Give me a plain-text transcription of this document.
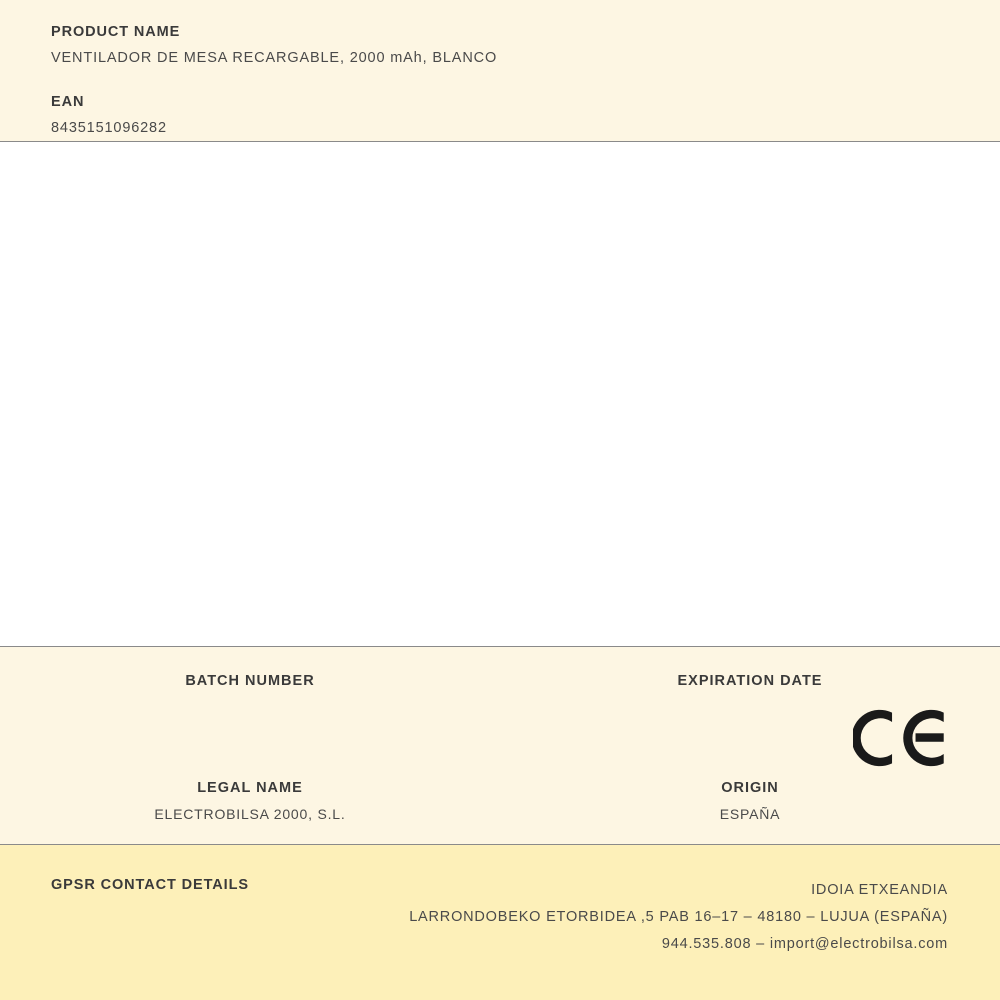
PRODUCT NAME
VENTILADOR DE MESA RECARGABLE, 2000 mAh, BLANCO
EAN
8435151096282
BATCH NUMBER	EXPIRATION DATE
LEGAL NAME
ELECTROBILSA 2000, S.L.
ORIGIN
ESPAÑA
GPSR CONTACT DETAILS	IDOIA ETXEANDIA
LARRONDOBEKO ETORBIDEA ,5 PAB 16–17 – 48180 – LUJUA (ESPAÑA)
944.535.808 – import@electrobilsa.com
